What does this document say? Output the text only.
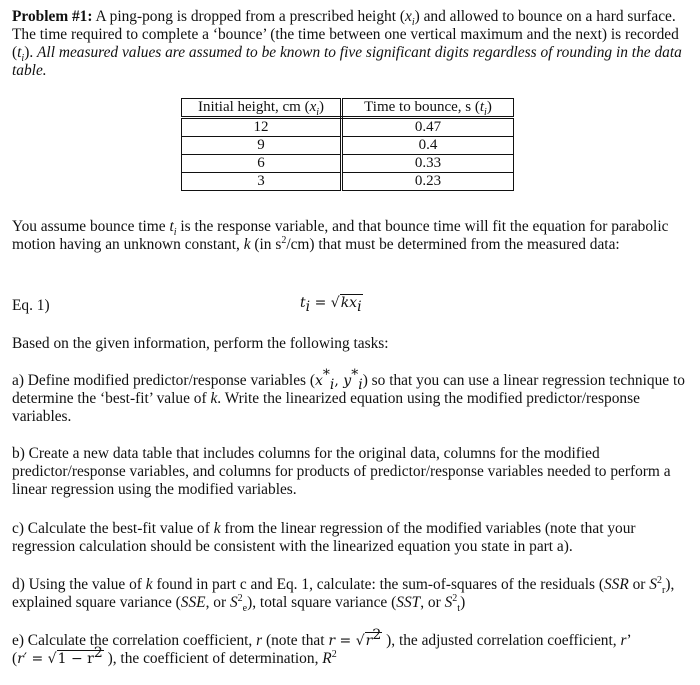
Problem #1: A ping-pong is dropped from a prescribed height $(x_i)$ and allowed to bounce on a hard surface. The time required to complete a ‘bounce’ (the time between one vertical maximum and the next) is recorded $(t_i)$. All measured values are assumed to be known to five significant digits regardless of rounding in the data table.

Initial height, cm $(x_i)$	Time to bounce, s $(t_i)$
12	0.47
9	0.4
6	0.33
3	0.23

You assume bounce time $t_i$ is the response variable, and that bounce time will fit the equation for parabolic motion having an unknown constant, k (in $s^2/cm$) that must be determined from the measured data:

Eq. 1)	$t_i = √kx_i$

Based on the given information, perform the following tasks:

a) Define modified predictor/response variables ($x^*_i$, $y^*_i$) so that you can use a linear regression technique to determine the ‘best-fit’ value of k. Write the linearized equation using the modified predictor/response variables.

b) Create a new data table that includes columns for the original data, columns for the modified predictor/response variables, and columns for products of predictor/response variables needed to perform a linear regression using the modified variables.

c) Calculate the best-fit value of k from the linear regression of the modified variables (note that your regression calculation should be consistent with the linearized equation you state in part a).

d) Using the value of k found in part c and Eq. 1, calculate: the sum-of-squares of the residuals (SSR or $S^2_r$), explained square variance (SSE, or $S^2_e$), total square variance (SST, or $S^2_t$)

e) Calculate the correlation coefficient, r (note that $r = √r^2$ ), the adjusted correlation coefficient, r’
($r' = √1 - r^2$ ), the coefficient of determination, $R^2$
